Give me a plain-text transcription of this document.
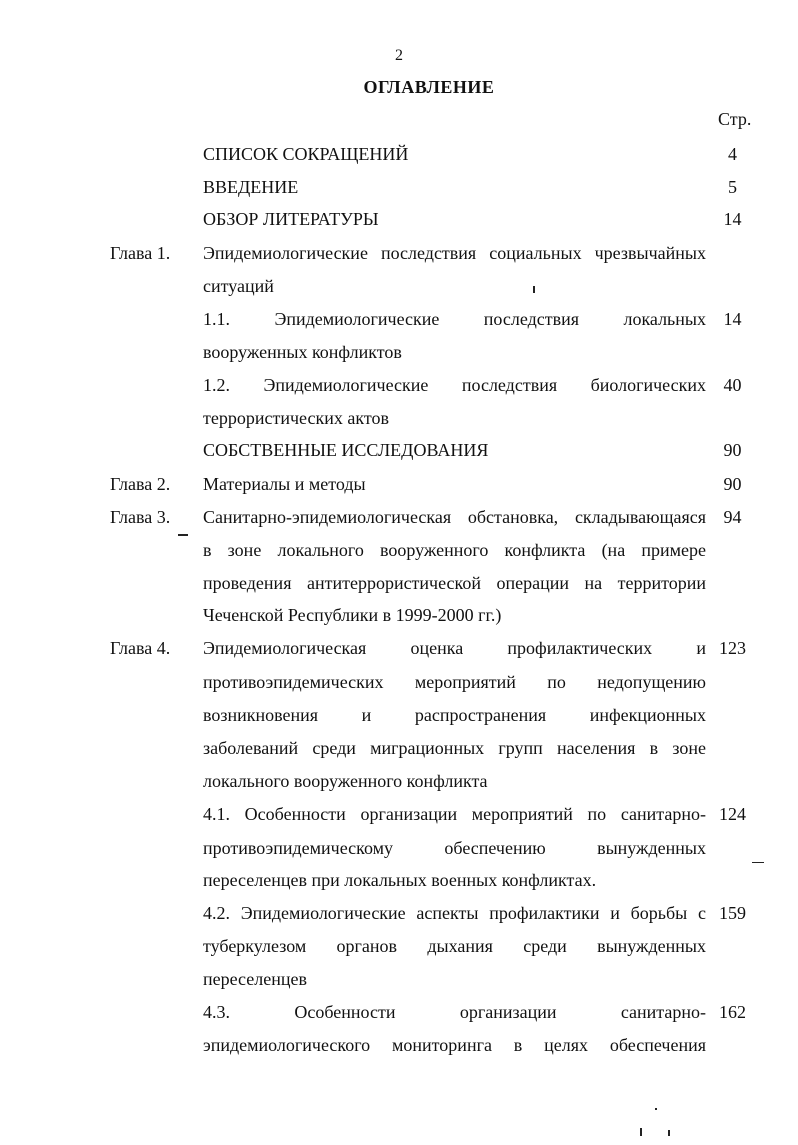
2
ОГЛАВЛЕНИЕ
Стр.
СПИСОК СОКРАЩЕНИЙ	4
ВВЕДЕНИЕ	5
ОБЗОР ЛИТЕРАТУРЫ	14
Глава 1. Эпидемиологические последствия социальных чрезвычайных
ситуаций
1.1. Эпидемиологические последствия локальных 14
вооруженных конфликтов
1.2. Эпидемиологические последствия биологических 40
террористических актов
СОБСТВЕННЫЕ ИССЛЕДОВАНИЯ	90
Глава 2. Материалы и методы	90
Глава 3. Санитарно-эпидемиологическая обстановка, складывающаяся 94
в зоне локального вооруженного конфликта (на примере
проведения антитеррористической операции на территории
Чеченской Республики в 1999-2000 гг.)
Глава 4. Эпидемиологическая оценка профилактических и 123
противоэпидемических мероприятий по недопущению
возникновения и распространения инфекционных
заболеваний среди миграционных групп населения в зоне
локального вооруженного конфликта
4.1. Особенности организации мероприятий по санитарно- 124
противоэпидемическому обеспечению вынужденных
переселенцев при локальных военных конфликтах.
4.2. Эпидемиологические аспекты профилактики и борьбы с 159
туберкулезом органов дыхания среди вынужденных
переселенцев
4.3. Особенности организации санитарно- 162
эпидемиологического мониторинга в целях обеспечения
